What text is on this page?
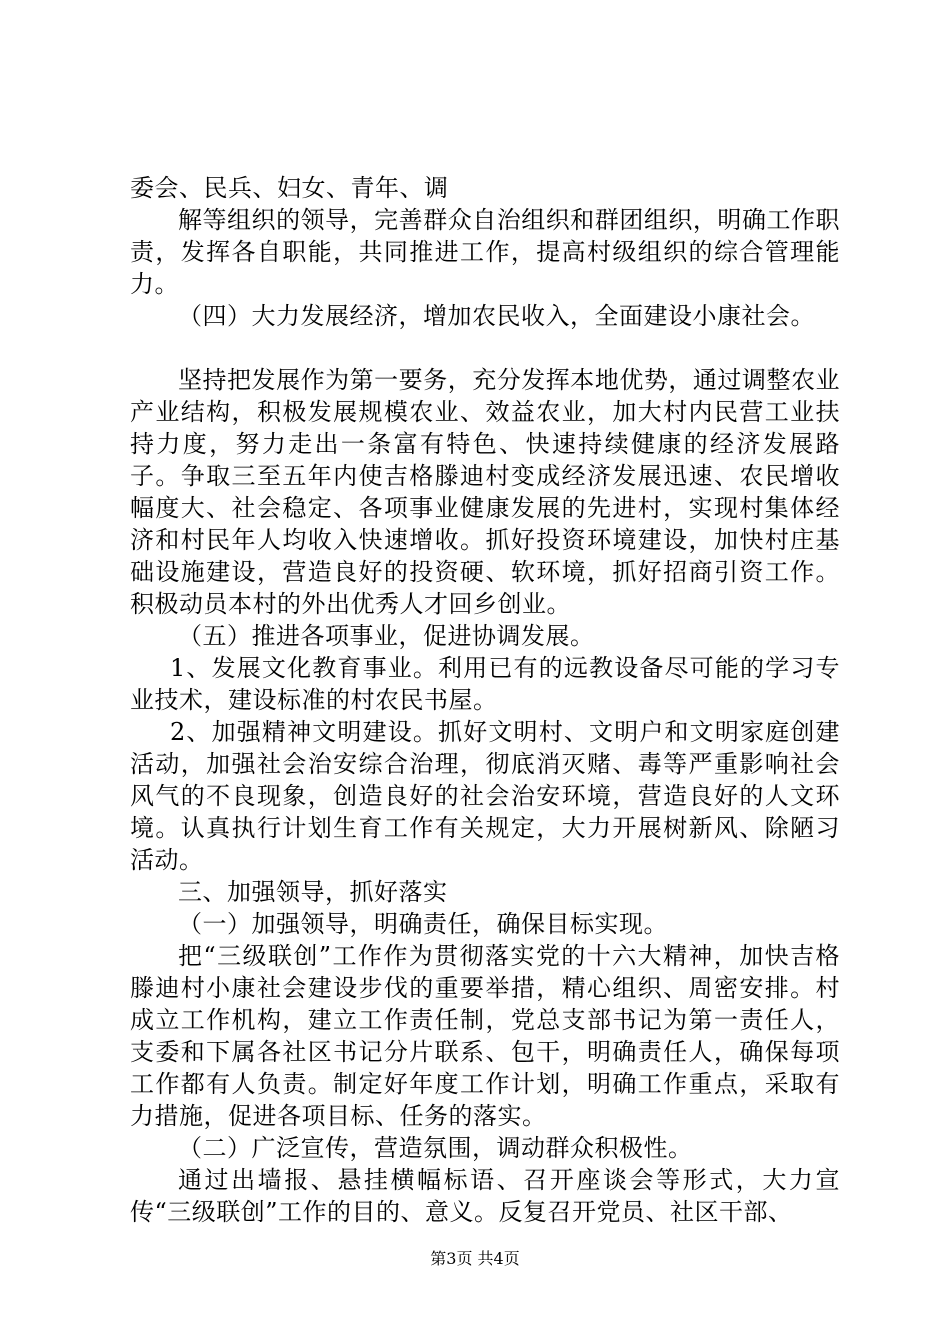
委会、民兵、妇女、青年、调

解等组织的领导，完善群众自治组织和群团组织，明确工作职责，发挥各自职能，共同推进工作，提高村级组织的综合管理能力。

（四）大力发展经济，增加农民收入，全面建设小康社会。

坚持把发展作为第一要务，充分发挥本地优势，通过调整农业产业结构，积极发展规模农业、效益农业，加大村内民营工业扶持力度，努力走出一条富有特色、快速持续健康的经济发展路子。争取三至五年内使吉格滕迪村变成经济发展迅速、农民增收幅度大、社会稳定、各项事业健康发展的先进村，实现村集体经济和村民年人均收入快速增收。抓好投资环境建设，加快村庄基础设施建设，营造良好的投资硬、软环境，抓好招商引资工作。积极动员本村的外出优秀人才回乡创业。

（五）推进各项事业，促进协调发展。

1、发展文化教育事业。利用已有的远教设备尽可能的学习专业技术，建设标准的村农民书屋。

2、加强精神文明建设。抓好文明村、文明户和文明家庭创建活动，加强社会治安综合治理，彻底消灭赌、毒等严重影响社会风气的不良现象，创造良好的社会治安环境，营造良好的人文环境。认真执行计划生育工作有关规定，大力开展树新风、除陋习活动。

三、加强领导，抓好落实

（一）加强领导，明确责任，确保目标实现。

把“三级联创”工作作为贯彻落实党的十六大精神，加快吉格滕迪村小康社会建设步伐的重要举措，精心组织、周密安排。村成立工作机构，建立工作责任制，党总支部书记为第一责任人，支委和下属各社区书记分片联系、包干，明确责任人，确保每项工作都有人负责。制定好年度工作计划，明确工作重点，采取有力措施，促进各项目标、任务的落实。

（二）广泛宣传，营造氛围，调动群众积极性。

通过出墙报、悬挂横幅标语、召开座谈会等形式，大力宣传“三级联创”工作的目的、意义。反复召开党员、社区干部、

第3页 共4页
